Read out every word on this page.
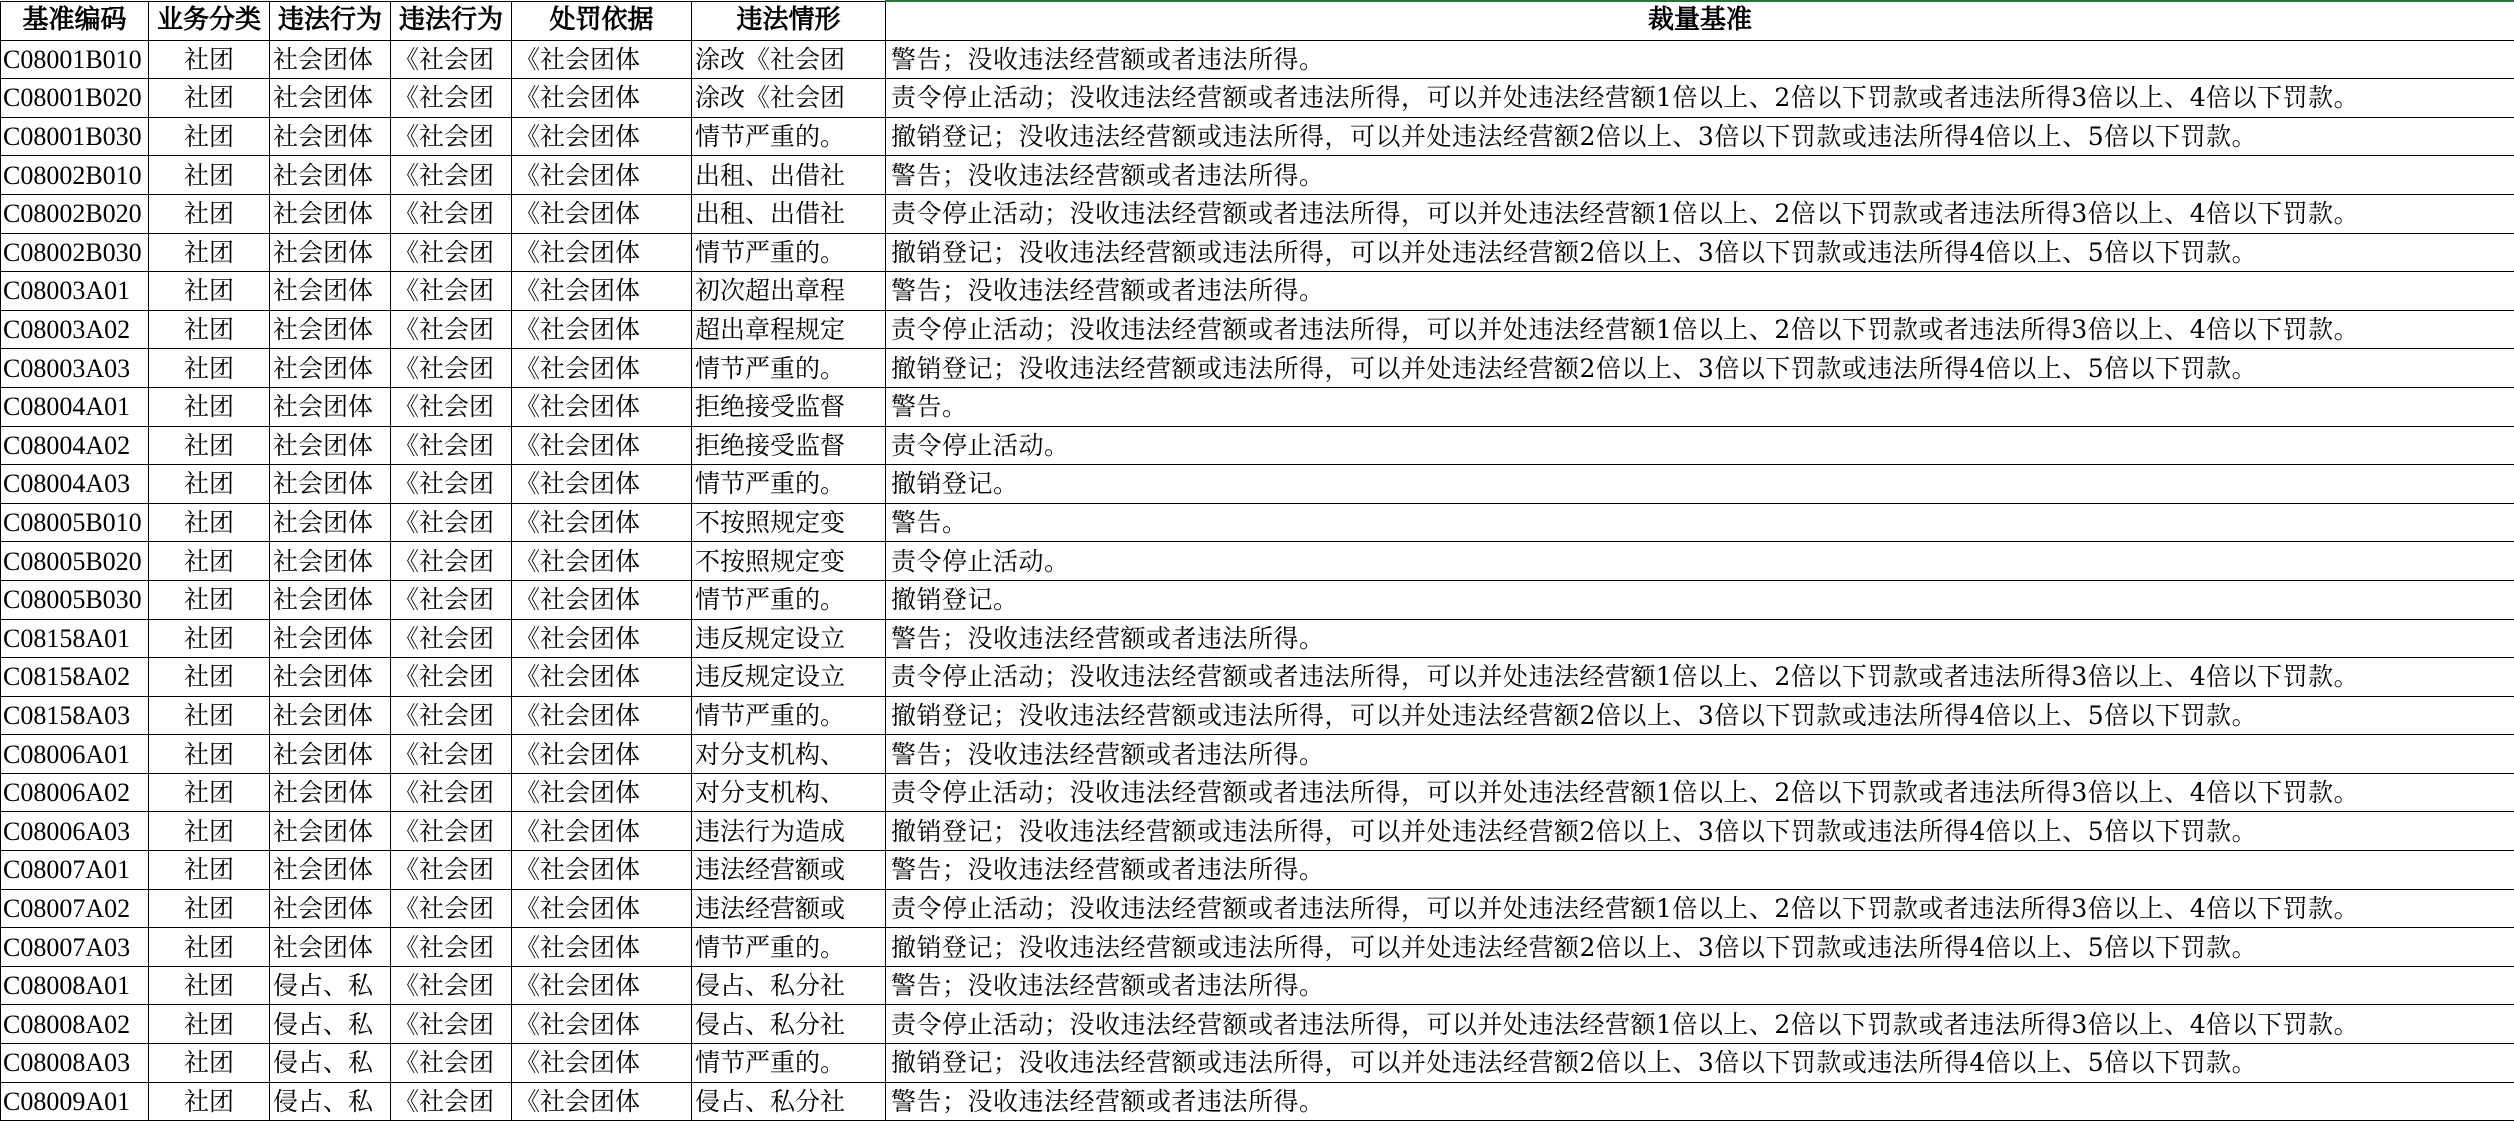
基准编码	业务分类	违法行为	违法行为	处罚依据	违法情形	裁量基准
C08001B010	社团	社会团体	《社会团	《社会团体	涂改《社会团	警告；没收违法经营额或者违法所得。
C08001B020	社团	社会团体	《社会团	《社会团体	涂改《社会团	责令停止活动；没收违法经营额或者违法所得，可以并处违法经营额1倍以上、2倍以下罚款或者违法所得3倍以上、4倍以下罚款。
C08001B030	社团	社会团体	《社会团	《社会团体	情节严重的。	撤销登记；没收违法经营额或违法所得，可以并处违法经营额2倍以上、3倍以下罚款或违法所得4倍以上、5倍以下罚款。
C08002B010	社团	社会团体	《社会团	《社会团体	出租、出借社	警告；没收违法经营额或者违法所得。
C08002B020	社团	社会团体	《社会团	《社会团体	出租、出借社	责令停止活动；没收违法经营额或者违法所得，可以并处违法经营额1倍以上、2倍以下罚款或者违法所得3倍以上、4倍以下罚款。
C08002B030	社团	社会团体	《社会团	《社会团体	情节严重的。	撤销登记；没收违法经营额或违法所得，可以并处违法经营额2倍以上、3倍以下罚款或违法所得4倍以上、5倍以下罚款。
C08003A01	社团	社会团体	《社会团	《社会团体	初次超出章程	警告；没收违法经营额或者违法所得。
C08003A02	社团	社会团体	《社会团	《社会团体	超出章程规定	责令停止活动；没收违法经营额或者违法所得，可以并处违法经营额1倍以上、2倍以下罚款或者违法所得3倍以上、4倍以下罚款。
C08003A03	社团	社会团体	《社会团	《社会团体	情节严重的。	撤销登记；没收违法经营额或违法所得，可以并处违法经营额2倍以上、3倍以下罚款或违法所得4倍以上、5倍以下罚款。
C08004A01	社团	社会团体	《社会团	《社会团体	拒绝接受监督	警告。
C08004A02	社团	社会团体	《社会团	《社会团体	拒绝接受监督	责令停止活动。
C08004A03	社团	社会团体	《社会团	《社会团体	情节严重的。	撤销登记。
C08005B010	社团	社会团体	《社会团	《社会团体	不按照规定变	警告。
C08005B020	社团	社会团体	《社会团	《社会团体	不按照规定变	责令停止活动。
C08005B030	社团	社会团体	《社会团	《社会团体	情节严重的。	撤销登记。
C08158A01	社团	社会团体	《社会团	《社会团体	违反规定设立	警告；没收违法经营额或者违法所得。
C08158A02	社团	社会团体	《社会团	《社会团体	违反规定设立	责令停止活动；没收违法经营额或者违法所得，可以并处违法经营额1倍以上、2倍以下罚款或者违法所得3倍以上、4倍以下罚款。
C08158A03	社团	社会团体	《社会团	《社会团体	情节严重的。	撤销登记；没收违法经营额或违法所得，可以并处违法经营额2倍以上、3倍以下罚款或违法所得4倍以上、5倍以下罚款。
C08006A01	社团	社会团体	《社会团	《社会团体	对分支机构、	警告；没收违法经营额或者违法所得。
C08006A02	社团	社会团体	《社会团	《社会团体	对分支机构、	责令停止活动；没收违法经营额或者违法所得，可以并处违法经营额1倍以上、2倍以下罚款或者违法所得3倍以上、4倍以下罚款。
C08006A03	社团	社会团体	《社会团	《社会团体	违法行为造成	撤销登记；没收违法经营额或违法所得，可以并处违法经营额2倍以上、3倍以下罚款或违法所得4倍以上、5倍以下罚款。
C08007A01	社团	社会团体	《社会团	《社会团体	违法经营额或	警告；没收违法经营额或者违法所得。
C08007A02	社团	社会团体	《社会团	《社会团体	违法经营额或	责令停止活动；没收违法经营额或者违法所得，可以并处违法经营额1倍以上、2倍以下罚款或者违法所得3倍以上、4倍以下罚款。
C08007A03	社团	社会团体	《社会团	《社会团体	情节严重的。	撤销登记；没收违法经营额或违法所得，可以并处违法经营额2倍以上、3倍以下罚款或违法所得4倍以上、5倍以下罚款。
C08008A01	社团	侵占、私	《社会团	《社会团体	侵占、私分社	警告；没收违法经营额或者违法所得。
C08008A02	社团	侵占、私	《社会团	《社会团体	侵占、私分社	责令停止活动；没收违法经营额或者违法所得，可以并处违法经营额1倍以上、2倍以下罚款或者违法所得3倍以上、4倍以下罚款。
C08008A03	社团	侵占、私	《社会团	《社会团体	情节严重的。	撤销登记；没收违法经营额或违法所得，可以并处违法经营额2倍以上、3倍以下罚款或违法所得4倍以上、5倍以下罚款。
C08009A01	社团	侵占、私	《社会团	《社会团体	侵占、私分社	警告；没收违法经营额或者违法所得。
